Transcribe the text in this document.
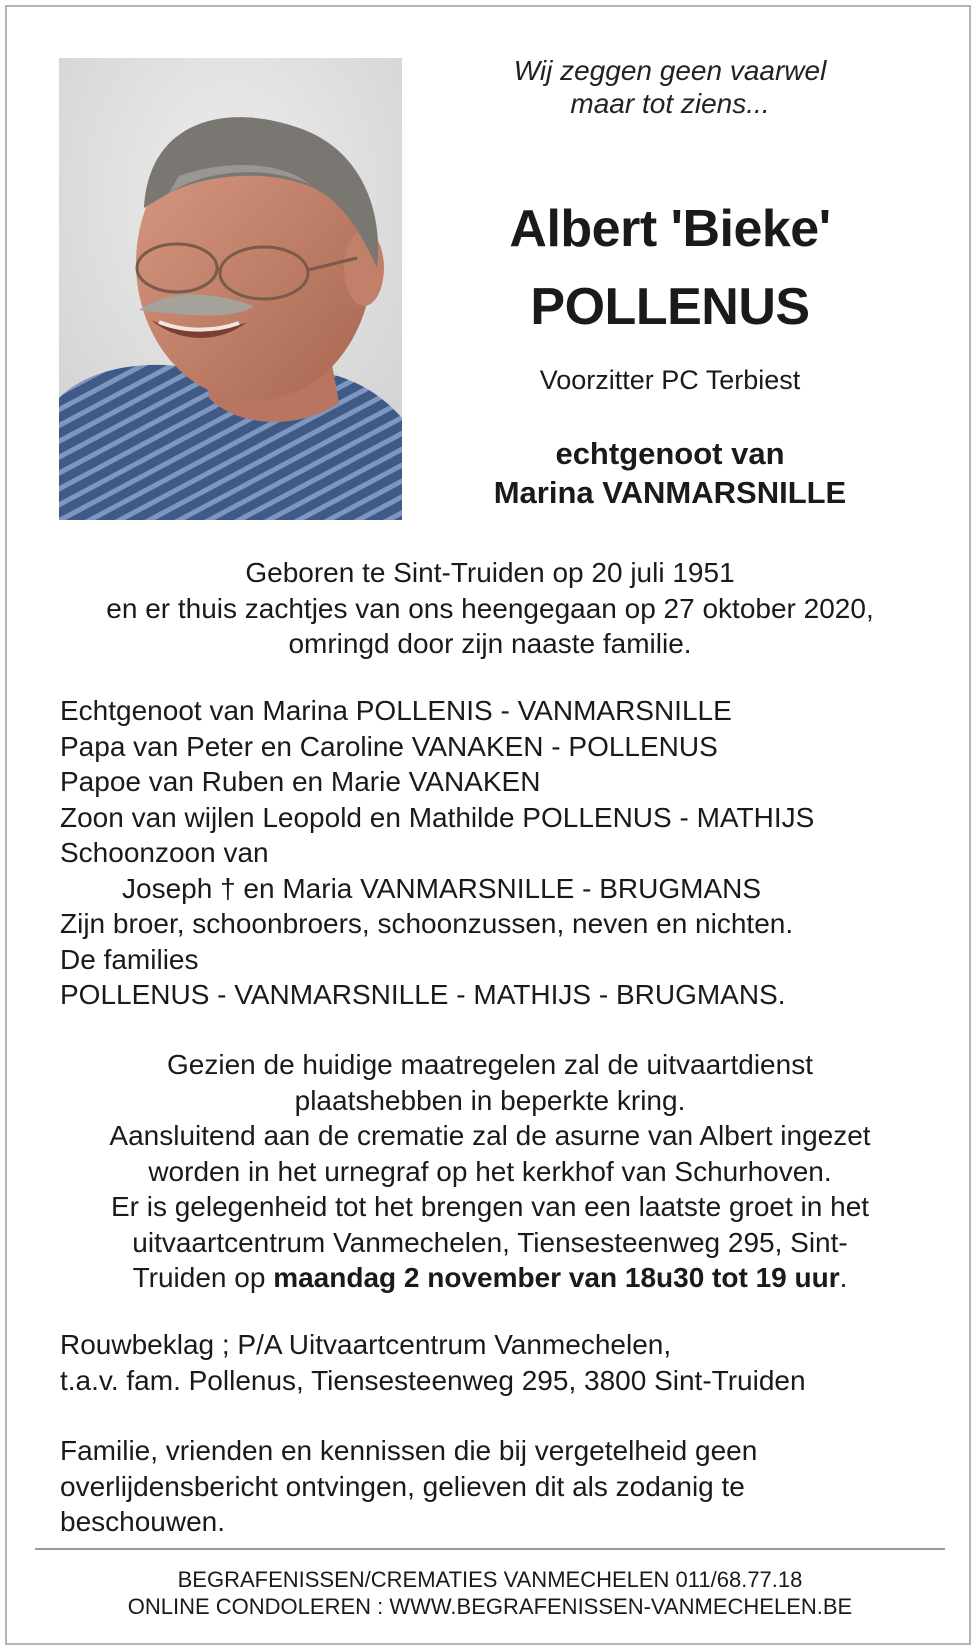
Wij zeggen geen vaarwel
maar tot ziens...
Albert 'Bieke'
POLLENUS
Voorzitter PC Terbiest
echtgenoot van
Marina VANMARSNILLE
Geboren te Sint-Truiden op 20 juli 1951
en er thuis zachtjes van ons heengegaan op 27 oktober 2020,
omringd door zijn naaste familie.
Echtgenoot van Marina POLLENIS - VANMARSNILLE
Papa van Peter en Caroline VANAKEN - POLLENUS
Papoe van Ruben en Marie VANAKEN
Zoon van wijlen Leopold en Mathilde POLLENUS - MATHIJS
Schoonzoon van
Joseph † en Maria VANMARSNILLE - BRUGMANS
Zijn broer, schoonbroers, schoonzussen, neven en nichten.
De families
POLLENUS - VANMARSNILLE - MATHIJS - BRUGMANS.
Gezien de huidige maatregelen zal de uitvaartdienst
plaatshebben in beperkte kring.
Aansluitend aan de crematie zal de asurne van Albert ingezet
worden in het urnegraf op het kerkhof van Schurhoven.
Er is gelegenheid tot het brengen van een laatste groet in het
uitvaartcentrum Vanmechelen, Tiensesteenweg 295, Sint-
Truiden op maandag 2 november van 18u30 tot 19 uur.
Rouwbeklag ; P/A Uitvaartcentrum Vanmechelen,
t.a.v. fam. Pollenus, Tiensesteenweg 295, 3800 Sint-Truiden
Familie, vrienden en kennissen die bij vergetelheid geen
overlijdensbericht ontvingen, gelieven dit als zodanig te
beschouwen.
BEGRAFENISSEN/CREMATIES VANMECHELEN 011/68.77.18
ONLINE CONDOLEREN : WWW.BEGRAFENISSEN-VANMECHELEN.BE
